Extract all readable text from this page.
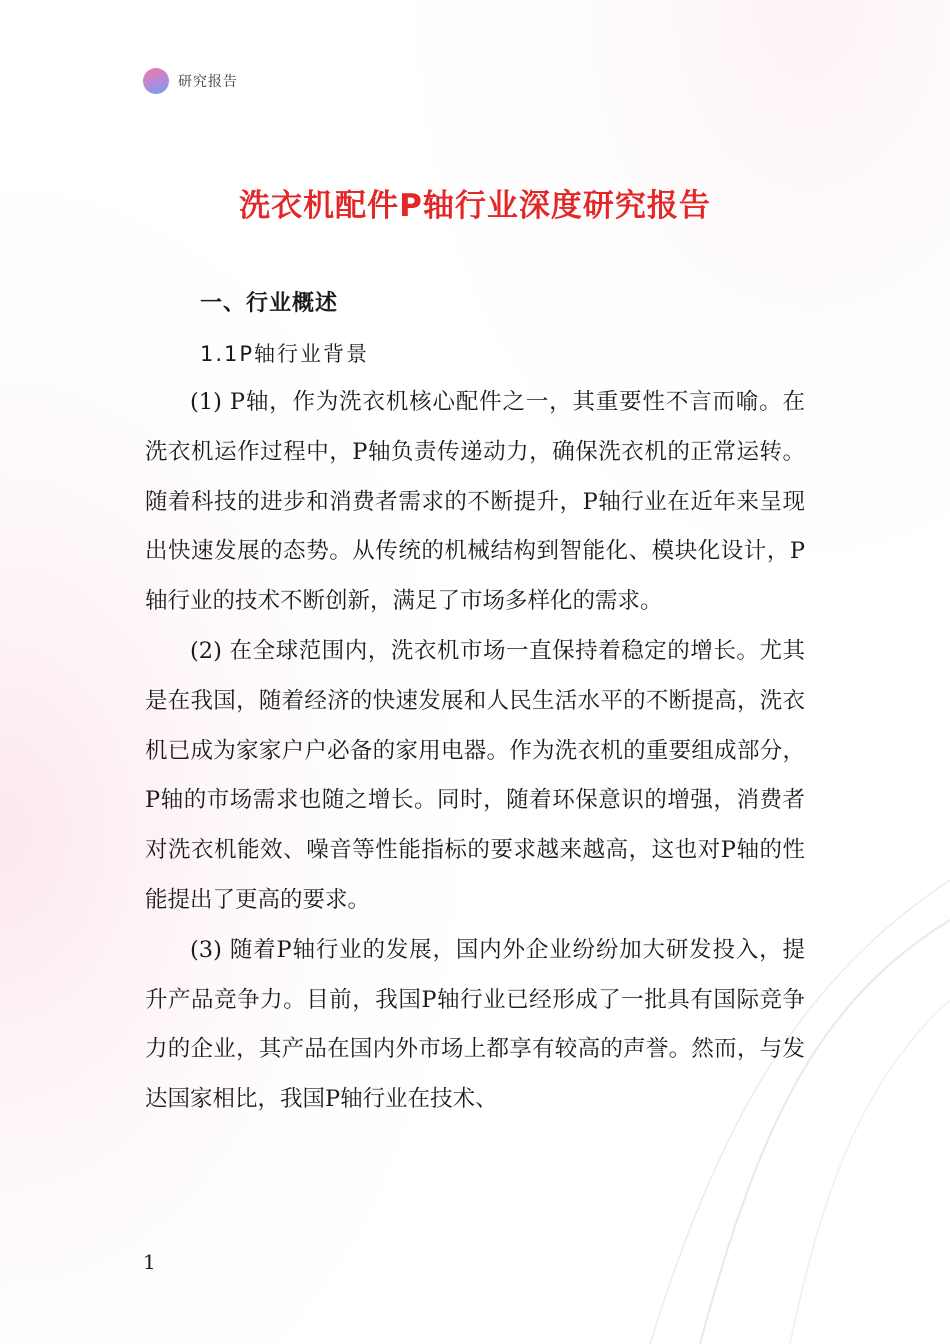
研究报告
洗衣机配件P轴行业深度研究报告
一、行业概述
1.1P轴行业背景

(1) P轴，作为洗衣机核心配件之一，其重要性不言而喻。在洗衣机运作过程中，P轴负责传递动力，确保洗衣机的正常运转。随着科技的进步和消费者需求的不断提升，P轴行业在近年来呈现出快速发展的态势。从传统的机械结构到智能化、模块化设计，P轴行业的技术不断创新，满足了市场多样化的需求。

(2) 在全球范围内，洗衣机市场一直保持着稳定的增长。尤其是在我国，随着经济的快速发展和人民生活水平的不断提高，洗衣机已成为家家户户必备的家用电器。作为洗衣机的重要组成部分，P轴的市场需求也随之增长。同时，随着环保意识的增强，消费者对洗衣机能效、噪音等性能指标的要求越来越高，这也对P轴的性能提出了更高的要求。

(3) 随着P轴行业的发展，国内外企业纷纷加大研发投入，提升产品竞争力。目前，我国P轴行业已经形成了一批具有国际竞争力的企业，其产品在国内外市场上都享有较高的声誉。然而，与发达国家相比，我国P轴行业在技术、

1
